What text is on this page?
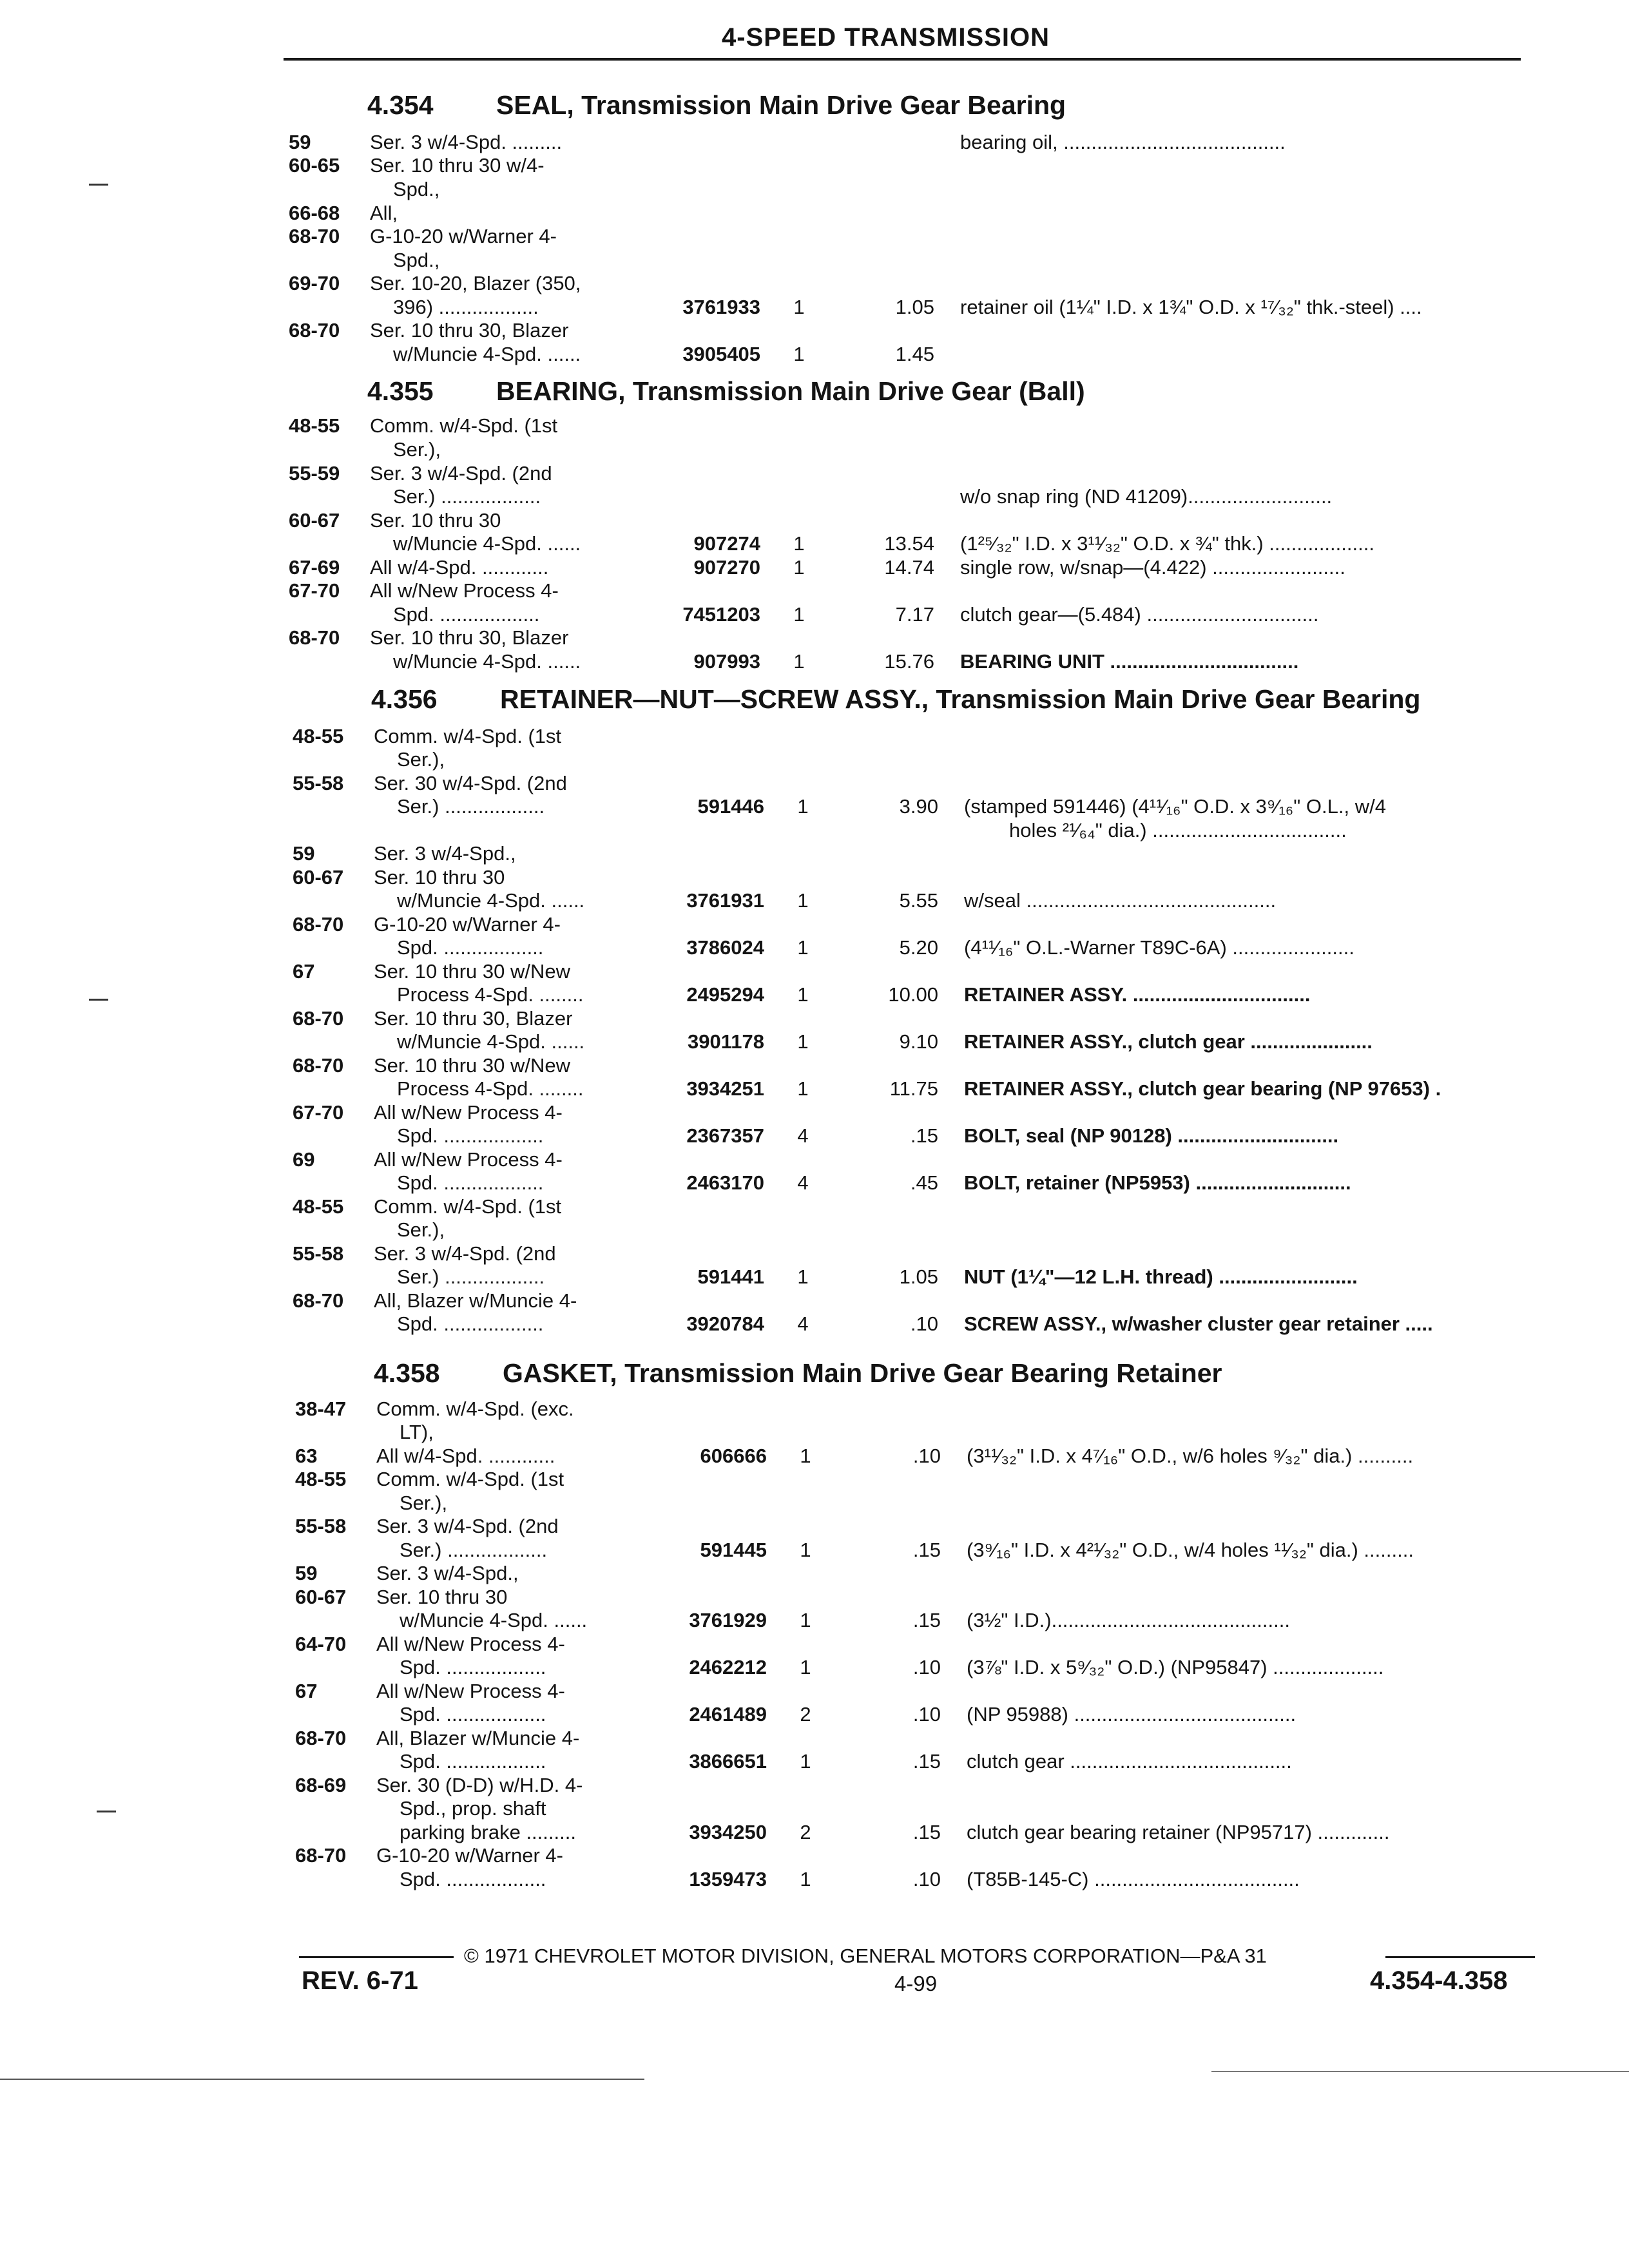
4-SPEED TRANSMISSION
4.354 SEAL, Transmission Main Drive Gear Bearing
59	Ser. 3 w/4-Spd. .........	bearing oil, ........................................
60-65 Ser. 10 thru 30 w/4-
Spd.,
66-68 All,
68-70 G-10-20 w/Warner 4-
Spd.,
69-70 Ser. 10-20, Blazer (350,
396) ..................	3761933	1	1.05 retainer oil (1¼" I.D. x 1¾" O.D. x ¹⁷⁄₃₂" thk.-steel) ....
68-70 Ser. 10 thru 30, Blazer
w/Muncie 4-Spd. ......	3905405	1	1.45
4.355 BEARING, Transmission Main Drive Gear (Ball)
48-55 Comm. w/4-Spd. (1st
Ser.),
55-59 Ser. 3 w/4-Spd. (2nd
Ser.) ..................	w/o snap ring (ND 41209)..........................
60-67 Ser. 10 thru 30
w/Muncie 4-Spd. ......	907274	1	13.54 (1²⁵⁄₃₂" I.D. x 3¹¹⁄₃₂" O.D. x ¾" thk.) ...................
67-69 All w/4-Spd. ............	907270	1	14.74 single row, w/snap—(4.422) ........................
67-70 All w/New Process 4-
Spd. ..................	7451203	1	7.17 clutch gear—(5.484) ...............................
68-70 Ser. 10 thru 30, Blazer
w/Muncie 4-Spd. ......	907993	1	15.76 BEARING UNIT ..................................
4.356 RETAINER—NUT—SCREW ASSY., Transmission Main Drive Gear Bearing
48-55 Comm. w/4-Spd. (1st
Ser.),
55-58 Ser. 30 w/4-Spd. (2nd
Ser.) ..................	591446	1	3.90 (stamped 591446) (4¹¹⁄₁₆" O.D. x 3⁹⁄₁₆" O.L., w/4
holes ²¹⁄₆₄" dia.) ...................................
59	Ser. 3 w/4-Spd.,
60-67 Ser. 10 thru 30
w/Muncie 4-Spd. ......	3761931	1	5.55 w/seal .............................................
68-70 G-10-20 w/Warner 4-
Spd. ..................	3786024	1	5.20 (4¹¹⁄₁₆" O.L.-Warner T89C-6A) ......................
67	Ser. 10 thru 30 w/New
Process 4-Spd. ........	2495294	1	10.00 RETAINER ASSY. ................................
68-70 Ser. 10 thru 30, Blazer
w/Muncie 4-Spd. ......	3901178	1	9.10 RETAINER ASSY., clutch gear ......................
68-70 Ser. 10 thru 30 w/New
Process 4-Spd. ........	3934251	1	11.75 RETAINER ASSY., clutch gear bearing (NP 97653) .
67-70 All w/New Process 4-
Spd. ..................	2367357	4	.15 BOLT, seal (NP 90128) .............................
69	All w/New Process 4-
Spd. ..................	2463170	4	.45 BOLT, retainer (NP5953) ............................
48-55 Comm. w/4-Spd. (1st
Ser.),
55-58 Ser. 3 w/4-Spd. (2nd
Ser.) ..................	591441	1	1.05 NUT (1¼"—12 L.H. thread) .........................
68-70 All, Blazer w/Muncie 4-
Spd. ..................	3920784	4	.10 SCREW ASSY., w/washer cluster gear retainer .....
4.358 GASKET, Transmission Main Drive Gear Bearing Retainer
38-47 Comm. w/4-Spd. (exc.
LT),
63	All w/4-Spd. ............	606666	1	.10 (3¹¹⁄₃₂" I.D. x 4⁷⁄₁₆" O.D., w/6 holes ⁹⁄₃₂" dia.) ..........
48-55 Comm. w/4-Spd. (1st
Ser.),
55-58 Ser. 3 w/4-Spd. (2nd
Ser.) ..................	591445	1	.15 (3⁹⁄₁₆" I.D. x 4²¹⁄₃₂" O.D., w/4 holes ¹¹⁄₃₂" dia.) .........
59	Ser. 3 w/4-Spd.,
60-67 Ser. 10 thru 30
w/Muncie 4-Spd. ......	3761929	1	.15 (3½" I.D.)...........................................
64-70 All w/New Process 4-
Spd. ..................	2462212	1	.10 (3⅞" I.D. x 5⁹⁄₃₂" O.D.) (NP95847) ....................
67	All w/New Process 4-
Spd. ..................	2461489	2	.10 (NP 95988) ........................................
68-70 All, Blazer w/Muncie 4-
Spd. ..................	3866651	1	.15 clutch gear ........................................
68-69 Ser. 30 (D-D) w/H.D. 4-
Spd., prop. shaft
parking brake .........	3934250	2	.15 clutch gear bearing retainer (NP95717) .............
68-70 G-10-20 w/Warner 4-
Spd. ..................	1359473	1	.10 (T85B-145-C) .....................................
© 1971 CHEVROLET MOTOR DIVISION, GENERAL MOTORS CORPORATION—P&A 31
REV. 6-71	4-99	4.354-4.358
